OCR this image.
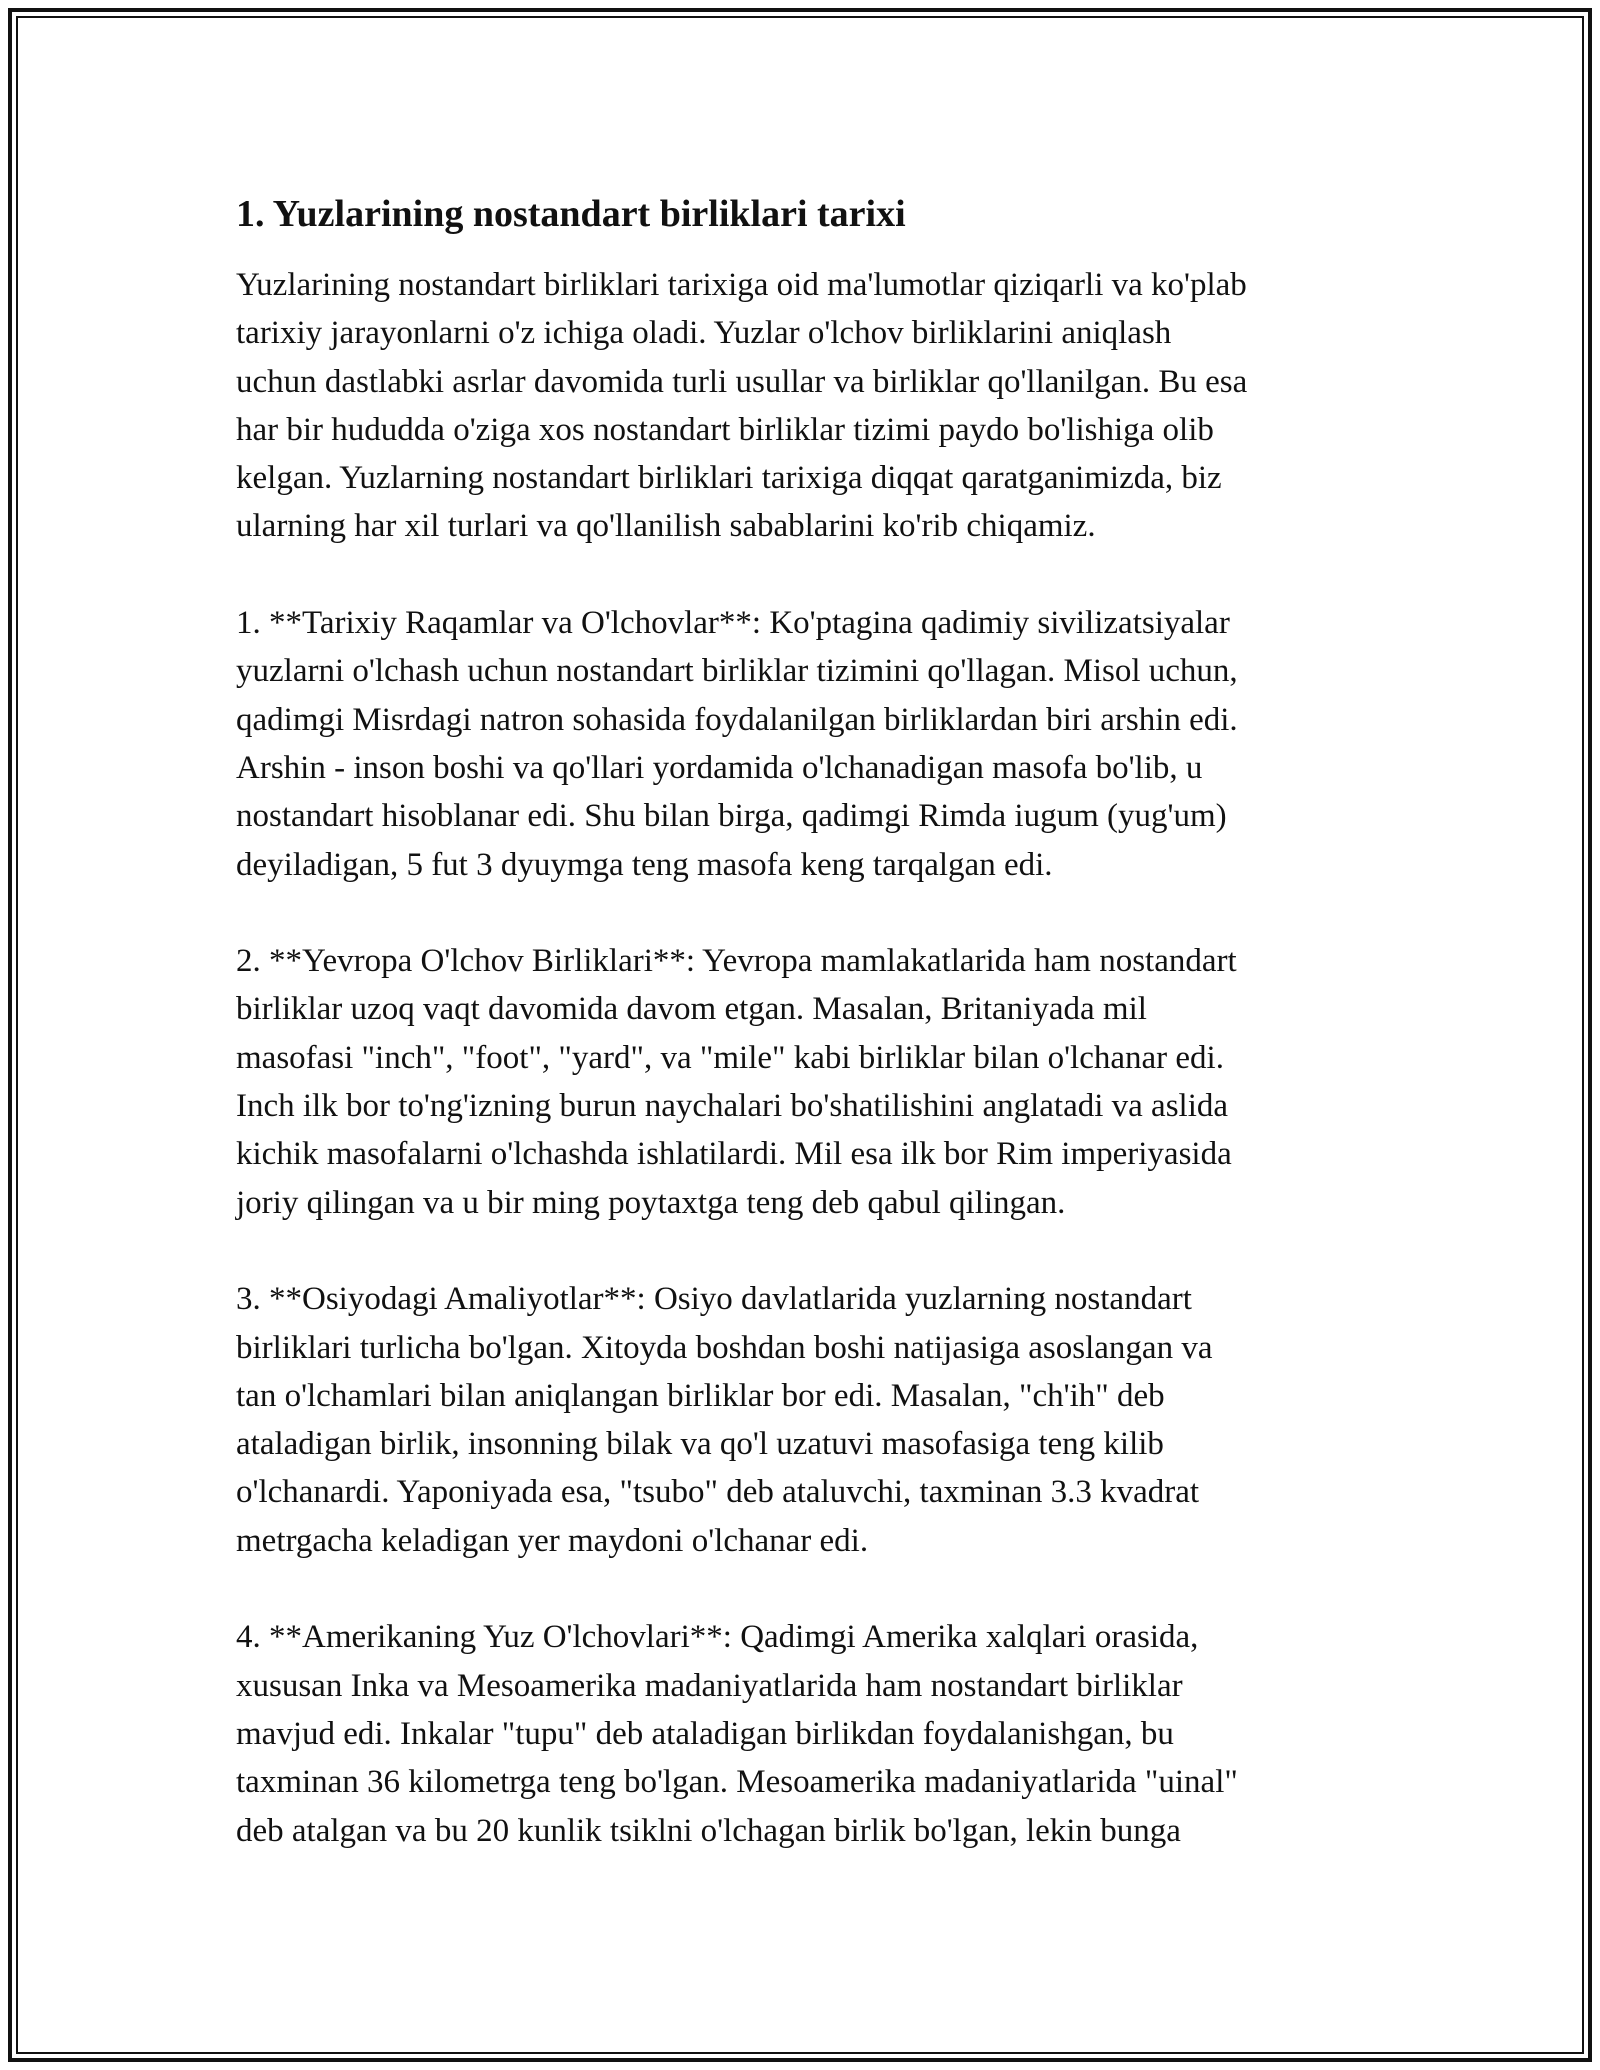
1. Yuzlarining nostandart birliklari tarixi

Yuzlarining nostandart birliklari tarixiga oid ma'lumotlar qiziqarli va ko'plab
tarixiy jarayonlarni o'z ichiga oladi. Yuzlar o'lchov birliklarini aniqlash
uchun dastlabki asrlar davomida turli usullar va birliklar qo'llanilgan. Bu esa
har bir hududda o'ziga xos nostandart birliklar tizimi paydo bo'lishiga olib
kelgan. Yuzlarning nostandart birliklari tarixiga diqqat qaratganimizda, biz
ularning har xil turlari va qo'llanilish sabablarini ko'rib chiqamiz.

1. **Tarixiy Raqamlar va O'lchovlar**: Ko'ptagina qadimiy sivilizatsiyalar
yuzlarni o'lchash uchun nostandart birliklar tizimini qo'llagan. Misol uchun,
qadimgi Misrdagi natron sohasida foydalanilgan birliklardan biri arshin edi.
Arshin - inson boshi va qo'llari yordamida o'lchanadigan masofa bo'lib, u
nostandart hisoblanar edi. Shu bilan birga, qadimgi Rimda iugum (yug'um)
deyiladigan, 5 fut 3 dyuymga teng masofa keng tarqalgan edi.

2. **Yevropa O'lchov Birliklari**: Yevropa mamlakatlarida ham nostandart
birliklar uzoq vaqt davomida davom etgan. Masalan, Britaniyada mil
masofasi "inch", "foot", "yard", va "mile" kabi birliklar bilan o'lchanar edi.
Inch ilk bor to'ng'izning burun naychalari bo'shatilishini anglatadi va aslida
kichik masofalarni o'lchashda ishlatilardi. Mil esa ilk bor Rim imperiyasida
joriy qilingan va u bir ming poytaxtga teng deb qabul qilingan.

3. **Osiyodagi Amaliyotlar**: Osiyo davlatlarida yuzlarning nostandart
birliklari turlicha bo'lgan. Xitoyda boshdan boshi natijasiga asoslangan va
tan o'lchamlari bilan aniqlangan birliklar bor edi. Masalan, "ch'ih" deb
ataladigan birlik, insonning bilak va qo'l uzatuvi masofasiga teng kilib
o'lchanardi. Yaponiyada esa, "tsubo" deb ataluvchi, taxminan 3.3 kvadrat
metrgacha keladigan yer maydoni o'lchanar edi.

4. **Amerikaning Yuz O'lchovlari**: Qadimgi Amerika xalqlari orasida,
xususan Inka va Mesoamerika madaniyatlarida ham nostandart birliklar
mavjud edi. Inkalar "tupu" deb ataladigan birlikdan foydalanishgan, bu
taxminan 36 kilometrga teng bo'lgan. Mesoamerika madaniyatlarida "uinal"
deb atalgan va bu 20 kunlik tsiklni o'lchagan birlik bo'lgan, lekin bunga
